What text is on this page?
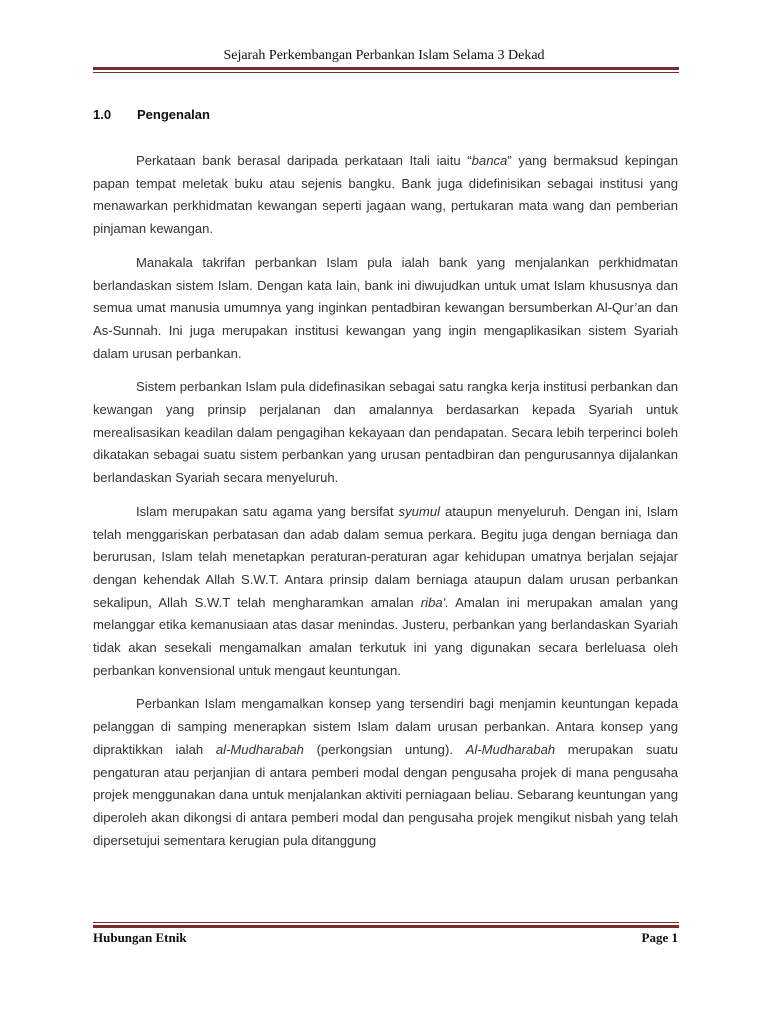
Sejarah Perkembangan Perbankan Islam Selama 3 Dekad
1.0 Pengenalan

Perkataan bank berasal daripada perkataan Itali iaitu “banca” yang bermaksud kepingan papan tempat meletak buku atau sejenis bangku. Bank juga didefinisikan sebagai institusi yang menawarkan perkhidmatan kewangan seperti jagaan wang, pertukaran mata wang dan pemberian pinjaman kewangan.

Manakala takrifan perbankan Islam pula ialah bank yang menjalankan perkhidmatan berlandaskan sistem Islam. Dengan kata lain, bank ini diwujudkan untuk umat Islam khususnya dan semua umat manusia umumnya yang inginkan pentadbiran kewangan bersumberkan Al-Qur’an dan As-Sunnah. Ini juga merupakan institusi kewangan yang ingin mengaplikasikan sistem Syariah dalam urusan perbankan.

Sistem perbankan Islam pula didefinasikan sebagai satu rangka kerja institusi perbankan dan kewangan yang prinsip perjalanan dan amalannya berdasarkan kepada Syariah untuk merealisasikan keadilan dalam pengagihan kekayaan dan pendapatan. Secara lebih terperinci boleh dikatakan sebagai suatu sistem perbankan yang urusan pentadbiran dan pengurusannya dijalankan berlandaskan Syariah secara menyeluruh.

Islam merupakan satu agama yang bersifat syumul ataupun menyeluruh. Dengan ini, Islam telah menggariskan perbatasan dan adab dalam semua perkara. Begitu juga dengan berniaga dan berurusan, Islam telah menetapkan peraturan-peraturan agar kehidupan umatnya berjalan sejajar dengan kehendak Allah S.W.T. Antara prinsip dalam berniaga ataupun dalam urusan perbankan sekalipun, Allah S.W.T telah mengharamkan amalan riba'. Amalan ini merupakan amalan yang melanggar etika kemanusiaan atas dasar menindas. Justeru, perbankan yang berlandaskan Syariah tidak akan sesekali mengamalkan amalan terkutuk ini yang digunakan secara berleluasa oleh perbankan konvensional untuk mengaut keuntungan.

Perbankan Islam mengamalkan konsep yang tersendiri bagi menjamin keuntungan kepada pelanggan di samping menerapkan sistem Islam dalam urusan perbankan. Antara konsep yang dipraktikkan ialah al-Mudharabah (perkongsian untung). Al-Mudharabah merupakan suatu pengaturan atau perjanjian di antara pemberi modal dengan pengusaha projek di mana pengusaha projek menggunakan dana untuk menjalankan aktiviti perniagaan beliau. Sebarang keuntungan yang diperoleh akan dikongsi di antara pemberi modal dan pengusaha projek mengikut nisbah yang telah dipersetujui sementara kerugian pula ditanggung

Hubungan Etnik	Page 1
